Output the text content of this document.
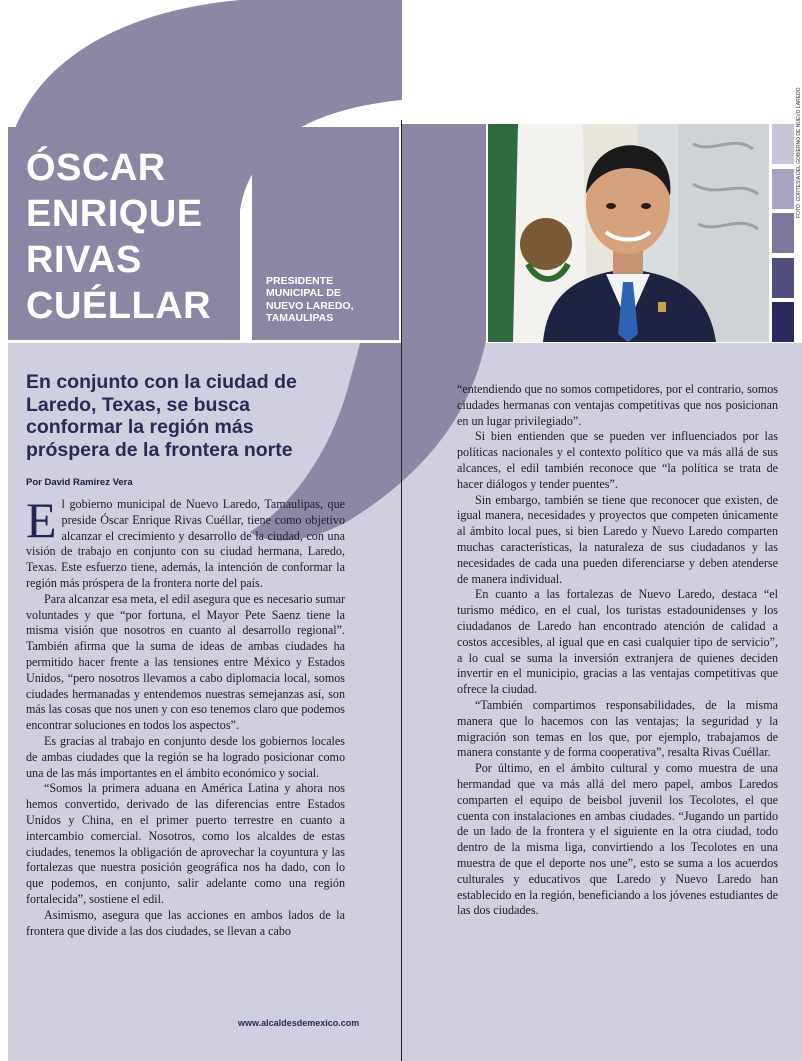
ÓSCAR
ENRIQUE
RIVAS
CUÉLLAR
PRESIDENTE
MUNICIPAL DE
NUEVO LAREDO,
TAMAULIPAS
FOTO: CORTESÍA DEL GOBIERNO DE NUEVO LAREDO
En conjunto con la ciudad de Laredo, Texas, se busca conformar la región más próspera de la frontera norte
Por David Ramírez Vera

El gobierno municipal de Nuevo Laredo, Tamaulipas, que preside Óscar Enrique Rivas Cuéllar, tiene como objetivo alcanzar el crecimiento y desarrollo de la ciudad, con una visión de trabajo en conjunto con su ciudad hermana, Laredo, Texas. Este esfuerzo tiene, además, la intención de conformar la región más próspera de la frontera norte del país.

Para alcanzar esa meta, el edil asegura que es necesario sumar voluntades y que “por fortuna, el Mayor Pete Saenz tiene la misma visión que nosotros en cuanto al desarrollo regional”. También afirma que la suma de ideas de ambas ciudades ha permitido hacer frente a las tensiones entre México y Estados Unidos, “pero nosotros llevamos a cabo diplomacia local, somos ciudades hermanadas y entendemos nuestras semejanzas así, son más las cosas que nos unen y con eso tenemos claro que podemos encontrar soluciones en todos los aspectos”.

Es gracias al trabajo en conjunto desde los gobiernos locales de ambas ciudades que la región se ha logrado posicionar como una de las más importantes en el ámbito económico y social.

“Somos la primera aduana en América Latina y ahora nos hemos convertido, derivado de las diferencias entre Estados Unidos y China, en el primer puerto terrestre en cuanto a intercambio comercial. Nosotros, como los alcaldes de estas ciudades, tenemos la obligación de aprovechar la coyuntura y las fortalezas que nuestra posición geográfica nos ha dado, con lo que podemos, en conjunto, salir adelante como una región fortalecida”, sostiene el edil.

Asimismo, asegura que las acciones en ambos lados de la frontera que divide a las dos ciudades, se llevan a cabo

“entendiendo que no somos competidores, por el contrario, somos ciudades hermanas con ventajas competitivas que nos posicionan en un lugar privilegiado”.

Si bien entienden que se pueden ver influenciados por las políticas nacionales y el contexto político que va más allá de sus alcances, el edil también reconoce que “la política se trata de hacer diálogos y tender puentes”.

Sin embargo, también se tiene que reconocer que existen, de igual manera, necesidades y proyectos que competen únicamente al ámbito local pues, si bien Laredo y Nuevo Laredo comparten muchas características, la naturaleza de sus ciudadanos y las necesidades de cada una pueden diferenciarse y deben atenderse de manera individual.

En cuanto a las fortalezas de Nuevo Laredo, destaca “el turismo médico, en el cual, los turistas estadounidenses y los ciudadanos de Laredo han encontrado atención de calidad a costos accesibles, al igual que en casi cualquier tipo de servicio”, a lo cual se suma la inversión extranjera de quienes deciden invertir en el municipio, gracias a las ventajas competitivas que ofrece la ciudad.

“También compartimos responsabilidades, de la misma manera que lo hacemos con las ventajas; la seguridad y la migración son temas en los que, por ejemplo, trabajamos de manera constante y de forma cooperativa”, resalta Rivas Cuéllar.

Por último, en el ámbito cultural y como muestra de una hermandad que va más allá del mero papel, ambos Laredos comparten el equipo de beisbol juvenil los Tecolotes, el que cuenta con instalaciones en ambas ciudades. “Jugando un partido de un lado de la frontera y el siguiente en la otra ciudad, todo dentro de la misma liga, convirtiendo a los Tecolotes en una muestra de que el deporte nos une”, esto se suma a los acuerdos culturales y educativos que Laredo y Nuevo Laredo han establecido en la región, beneficiando a los jóvenes estudiantes de las dos ciudades.

www.alcaldesdemexico.com
